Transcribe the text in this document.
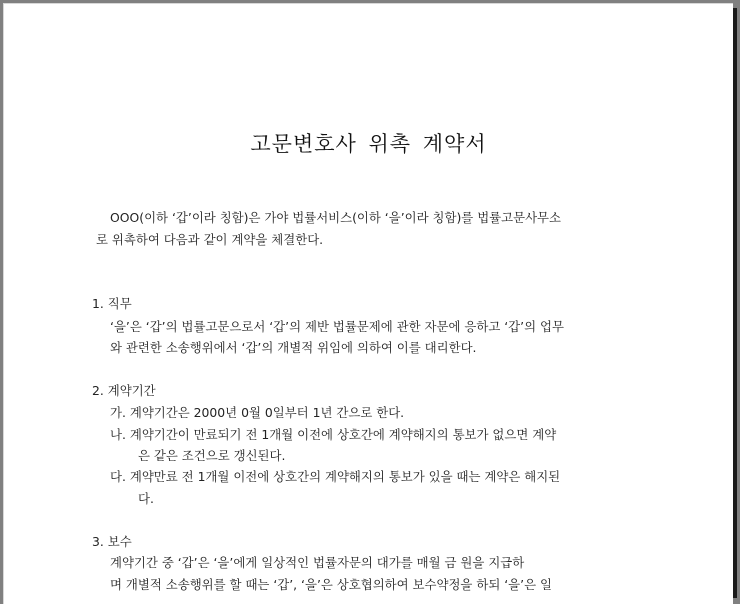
고문변호사 위촉 계약서
OOO(이하 ‘갑’이라 칭함)은 가야 법률서비스(이하 ‘을’이라 칭함)를 법률고문사무소
로 위촉하여 다음과 같이 계약을 체결한다.
1. 직무
‘을’은 ‘갑’의 법률고문으로서 ‘갑’의 제반 법률문제에 관한 자문에 응하고 ‘갑’의 업무
와 관련한 소송행위에서 ‘갑’의 개별적 위임에 의하여 이를 대리한다.
2. 계약기간
가. 계약기간은 2000년 0월 0일부터 1년 간으로 한다.
나. 계약기간이 만료되기 전 1개월 이전에 상호간에 계약해지의 통보가 없으면 계약
은 같은 조건으로 갱신된다.
다. 계약만료 전 1개월 이전에 상호간의 계약해지의 통보가 있을 때는 계약은 해지된
다.
3. 보수
계약기간 중 ‘갑’은 ‘을’에게 일상적인 법률자문의 대가를 매월 금 원을 지급하
며 개별적 소송행위를 할 때는 ‘갑’, ‘을’은 상호협의하여 보수약정을 하되 ‘을’은 일
